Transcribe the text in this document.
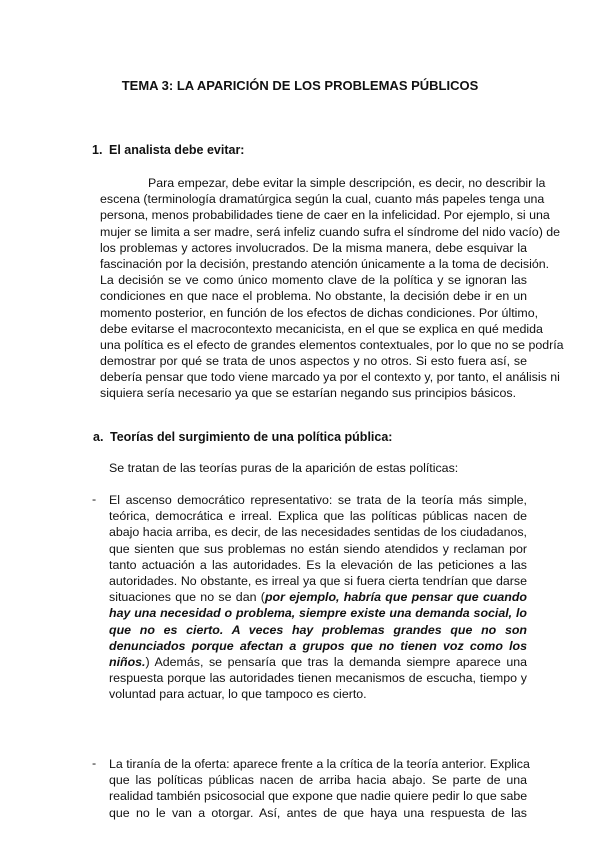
TEMA 3: LA APARICIÓN DE LOS PROBLEMAS PÚBLICOS
1. El analista debe evitar:
Para empezar, debe evitar la simple descripción, es decir, no describir la
escena (terminología dramatúrgica según la cual, cuanto más papeles tenga una
persona, menos probabilidades tiene de caer en la infelicidad. Por ejemplo, si una
mujer se limita a ser madre, será infeliz cuando sufra el síndrome del nido vacío) de
los problemas y actores involucrados. De la misma manera, debe esquivar la
fascinación por la decisión, prestando atención únicamente a la toma de decisión.
La decisión se ve como único momento clave de la política y se ignoran las
condiciones en que nace el problema. No obstante, la decisión debe ir en un
momento posterior, en función de los efectos de dichas condiciones. Por último,
debe evitarse el macrocontexto mecanicista, en el que se explica en qué medida
una política es el efecto de grandes elementos contextuales, por lo que no se podría
demostrar por qué se trata de unos aspectos y no otros. Si esto fuera así, se
debería pensar que todo viene marcado ya por el contexto y, por tanto, el análisis ni
siquiera sería necesario ya que se estarían negando sus principios básicos.
a. Teorías del surgimiento de una política pública:
Se tratan de las teorías puras de la aparición de estas políticas:
- El ascenso democrático representativo: se trata de la teoría más simple,
teórica, democrática e irreal. Explica que las políticas públicas nacen de
abajo hacia arriba, es decir, de las necesidades sentidas de los ciudadanos,
que sienten que sus problemas no están siendo atendidos y reclaman por
tanto actuación a las autoridades. Es la elevación de las peticiones a las
autoridades. No obstante, es irreal ya que si fuera cierta tendrían que darse
situaciones que no se dan (por ejemplo, habría que pensar que cuando
hay una necesidad o problema, siempre existe una demanda social, lo
que no es cierto. A veces hay problemas grandes que no son
denunciados porque afectan a grupos que no tienen voz como los
niños.) Además, se pensaría que tras la demanda siempre aparece una
respuesta porque las autoridades tienen mecanismos de escucha, tiempo y
voluntad para actuar, lo que tampoco es cierto.
- La tiranía de la oferta: aparece frente a la crítica de la teoría anterior. Explica
que las políticas públicas nacen de arriba hacia abajo. Se parte de una
realidad también psicosocial que expone que nadie quiere pedir lo que sabe
que no le van a otorgar. Así, antes de que haya una respuesta de las
